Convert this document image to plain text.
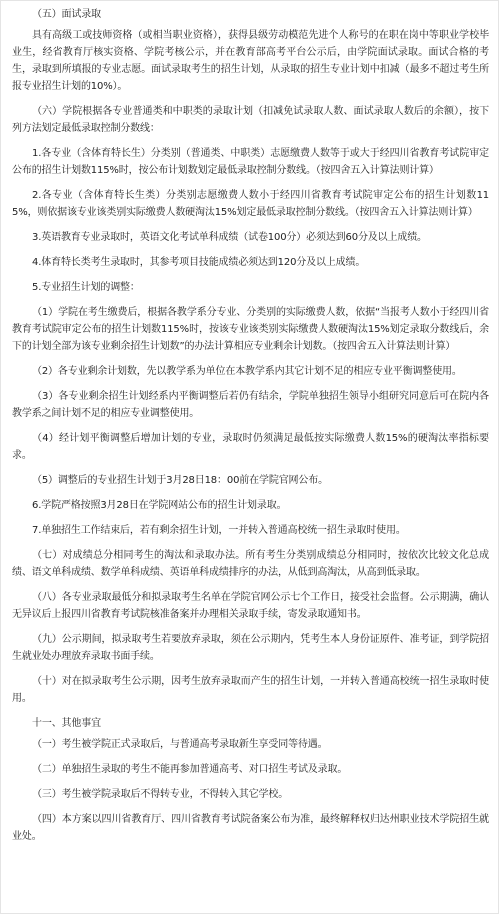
（五）面试录取

具有高级工或技师资格（或相当职业资格），获得县级劳动模范先进个人称号的在职在岗中等职业学校毕业生，经省教育厅核实资格、学院考核公示，并在教育部高考平台公示后，由学院面试录取。面试合格的考生，录取到所填报的专业志愿。面试录取考生的招生计划，从录取的招生专业计划中扣减（最多不超过考生所报专业招生计划的10%）。

（六）学院根据各专业普通类和中职类的录取计划（扣减免试录取人数、面试录取人数后的余额），按下列方法划定最低录取控制分数线：

1.各专业（含体育特长生）分类别（普通类、中职类）志愿缴费人数等于或大于经四川省教育考试院审定公布的招生计划数115%时，按公布计划数划定最低录取控制分数线。（按四舍五入计算法则计算）

2.各专业（含体育特长生类）分类别志愿缴费人数小于经四川省教育考试院审定公布的招生计划数115%，则依据该专业该类别实际缴费人数硬淘汰15%划定最低录取控制分数线。（按四舍五入计算法则计算）

3.英语教育专业录取时，英语文化考试单科成绩（试卷100分）必须达到60分及以上成绩。

4.体育特长类考生录取时，其参考项目技能成绩必须达到120分及以上成绩。

5.专业招生计划的调整：

（1）学院在考生缴费后，根据各教学系分专业、分类别的实际缴费人数，依据“当报考人数小于经四川省教育考试院审定公布的招生计划数115%时，按该专业该类别实际缴费人数硬淘汰15%划定录取分数线后，余下的计划全部为该专业剩余招生计划数”的办法计算相应专业剩余计划数。（按四舍五入计算法则计算）

（2）各专业剩余计划数，先以教学系为单位在本教学系内其它计划不足的相应专业平衡调整使用。

（3）各专业剩余招生计划经系内平衡调整后若仍有结余，学院单独招生领导小组研究同意后可在院内各教学系之间计划不足的相应专业调整使用。

（4）经计划平衡调整后增加计划的专业，录取时仍须满足最低按实际缴费人数15%的硬淘汰率指标要求。

（5）调整后的专业招生计划于3月28日18：00前在学院官网公布。

6.学院严格按照3月28日在学院网站公布的招生计划录取。

7.单独招生工作结束后，若有剩余招生计划，一并转入普通高校统一招生录取时使用。

（七）对成绩总分相同考生的淘汰和录取办法。所有考生分类别成绩总分相同时，按依次比较文化总成绩、语文单科成绩、数学单科成绩、英语单科成绩排序的办法，从低到高淘汰，从高到低录取。

（八）各专业录取最低分和拟录取考生名单在学院官网公示七个工作日，接受社会监督。公示期满，确认无异议后上报四川省教育考试院核准备案并办理相关录取手续，寄发录取通知书。

（九）公示期间，拟录取考生若要放弃录取，须在公示期内，凭考生本人身份证原件、准考证，到学院招生就业处办理放弃录取书面手续。

（十）对在拟录取考生公示期，因考生放弃录取而产生的招生计划，一并转入普通高校统一招生录取时使用。

十一、其他事宜

（一）考生被学院正式录取后，与普通高考录取新生享受同等待遇。

（二）单独招生录取的考生不能再参加普通高考、对口招生考试及录取。

（三）考生被学院录取后不得转专业，不得转入其它学校。

（四）本方案以四川省教育厅、四川省教育考试院备案公布为准，最终解释权归达州职业技术学院招生就业处。
